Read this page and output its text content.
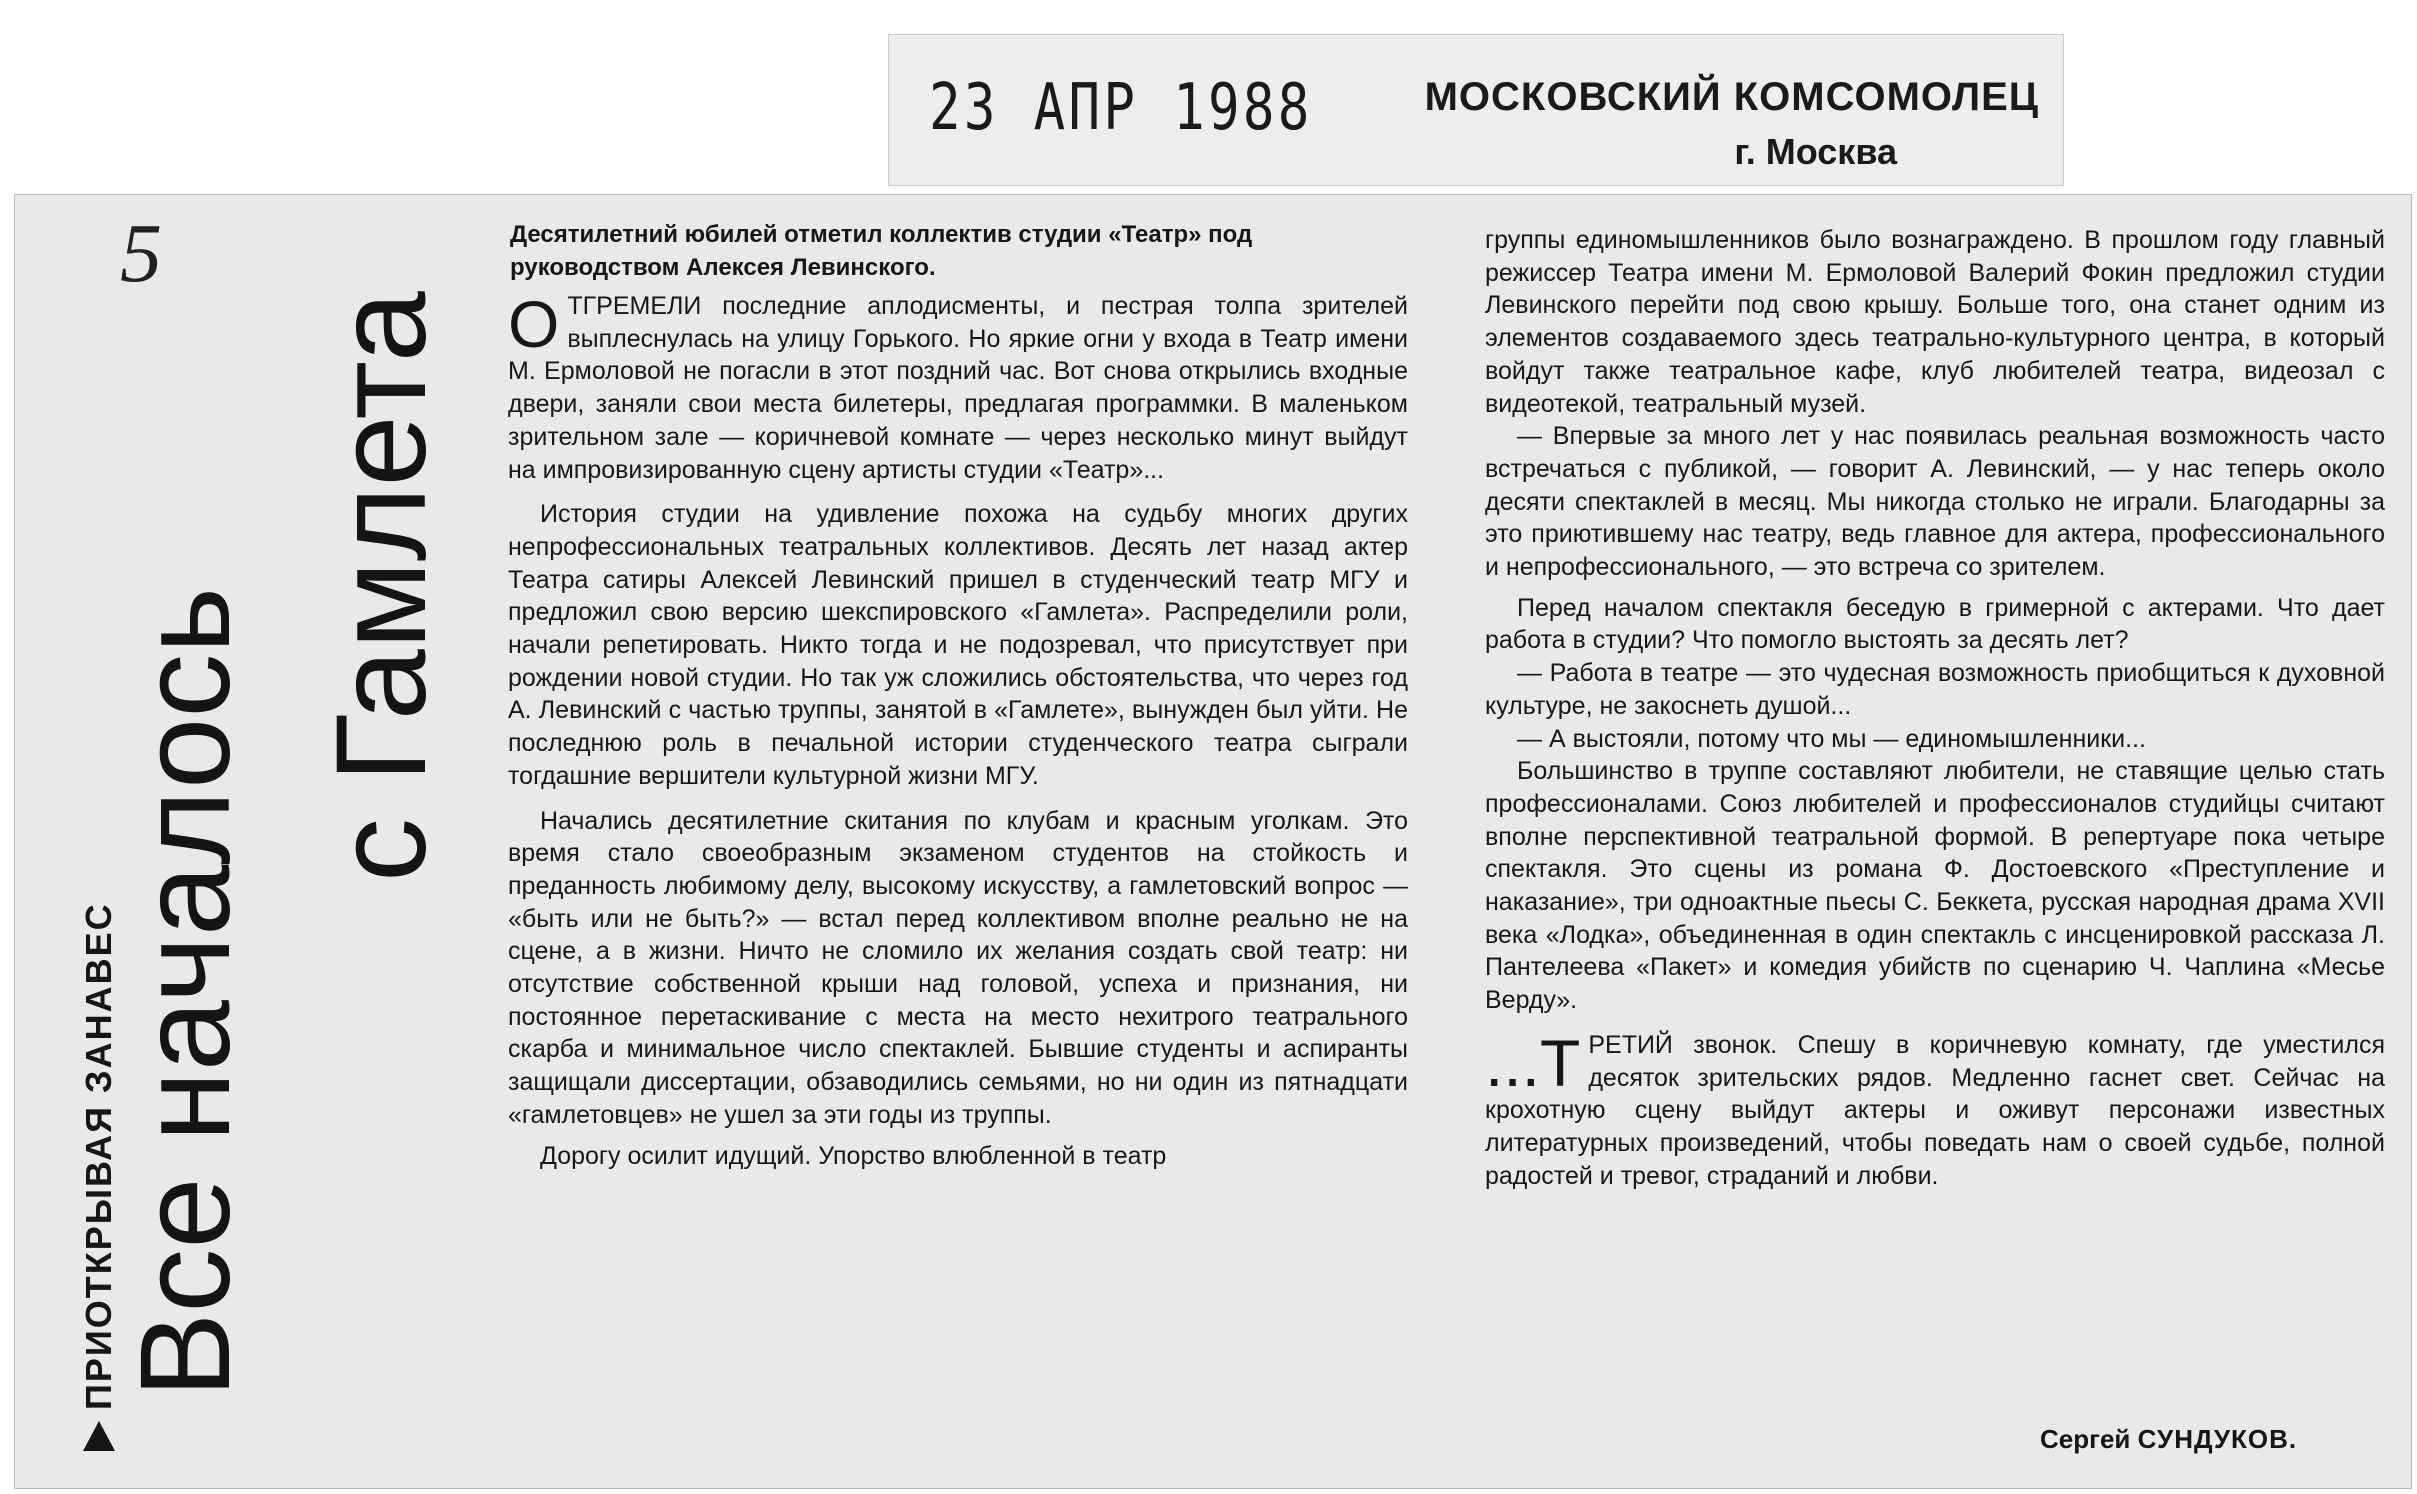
23 АПР 1988	МОСКОВСКИЙ КОМСОМОЛЕЦ
г. Москва
5
ПРИОТКРЫВАЯ ЗАНАВЕС
Все началось
с Гамлета
Десятилетний юбилей отметил коллектив студии «Театр» под руководством Алексея Левинского.

ОТГРЕМЕЛИ последние аплодисменты, и пестрая толпа зрителей выплеснулась на улицу Горького. Но яркие огни у входа в Театр имени М. Ермоловой не погасли в этот поздний час. Вот снова открылись входные двери, заняли свои места билетеры, предлагая программки. В маленьком зрительном зале — коричневой комнате — через несколько минут выйдут на импровизированную сцену артисты студии «Театр»...

История студии на удивление похожа на судьбу многих других непрофессиональных театральных коллективов. Десять лет назад актер Театра сатиры Алексей Левинский пришел в студенческий театр МГУ и предложил свою версию шекспировского «Гамлета». Распределили роли, начали репетировать. Никто тогда и не подозревал, что присутствует при рождении новой студии. Но так уж сложились обстоятельства, что через год А. Левинский с частью труппы, занятой в «Гамлете», вынужден был уйти. Не последнюю роль в печальной истории студенческого театра сыграли тогдашние вершители культурной жизни МГУ.

Начались десятилетние скитания по клубам и красным уголкам. Это время стало своеобразным экзаменом студентов на стойкость и преданность любимому делу, высокому искусству, а гамлетовский вопрос — «быть или не быть?» — встал перед коллективом вполне реально не на сцене, а в жизни. Ничто не сломило их желания создать свой театр: ни отсутствие собственной крыши над головой, успеха и признания, ни постоянное перетаскивание с места на место нехитрого театрального скарба и минимальное число спектаклей. Бывшие студенты и аспиранты защищали диссертации, обзаводились семьями, но ни один из пятнадцати «гамлетовцев» не ушел за эти годы из труппы.

Дорогу осилит идущий. Упорство влюбленной в театр

группы единомышленников было вознаграждено. В прошлом году главный режиссер Театра имени М. Ермоловой Валерий Фокин предложил студии Левинского перейти под свою крышу. Больше того, она станет одним из элементов создаваемого здесь театрально-культурного центра, в который войдут также театральное кафе, клуб любителей театра, видеозал с видеотекой, театральный музей.

— Впервые за много лет у нас появилась реальная возможность часто встречаться с публикой, — говорит А. Левинский, — у нас теперь около десяти спектаклей в месяц. Мы никогда столько не играли. Благодарны за это приютившему нас театру, ведь главное для актера, профессионального и непрофессионального, — это встреча со зрителем.

Перед началом спектакля беседую в гримерной с актерами. Что дает работа в студии? Что помогло выстоять за десять лет?

— Работа в театре — это чудесная возможность приобщиться к духовной культуре, не закоснеть душой...

— А выстояли, потому что мы — единомышленники...

Большинство в труппе составляют любители, не ставящие целью стать профессионалами. Союз любителей и профессионалов студийцы считают вполне перспективной театральной формой. В репертуаре пока четыре спектакля. Это сцены из романа Ф. Достоевского «Преступление и наказание», три одноактные пьесы С. Беккета, русская народная драма XVII века «Лодка», объединенная в один спектакль с инсценировкой рассказа Л. Пантелеева «Пакет» и комедия убийств по сценарию Ч. Чаплина «Месье Верду».

...Т РЕТИЙ звонок. Спешу в коричневую комнату, где уместился десяток зрительских рядов. Медленно гаснет свет. Сейчас на крохотную сцену выйдут актеры и оживут персонажи известных литературных произведений, чтобы поведать нам о своей судьбе, полной радостей и тревог, страданий и любви.

Сергей СУНДУКОВ.
